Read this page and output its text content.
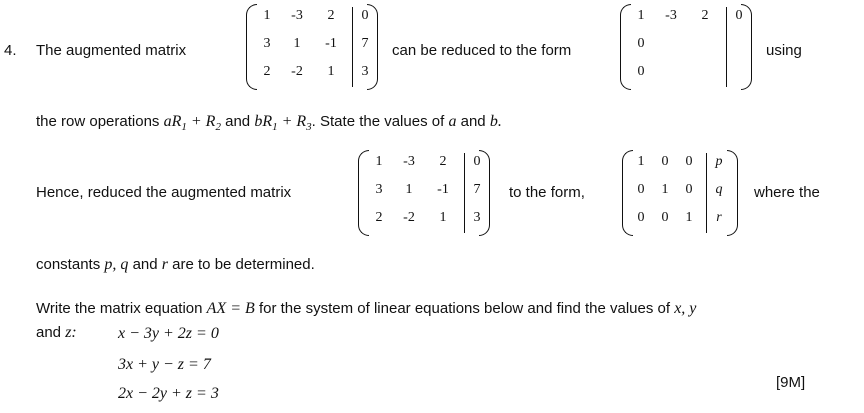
4. The augmented matrix
1	-3	2	0
3	1	-1	7
2	-2	1	3
can be reduced to the form
1	-3	2	0
0
0
using
the row operations $aR_1 + R_2$ and $bR_1 + R_3$. State the values of a and b.
Hence, reduced the augmented matrix
1	-3	2	0
3	1	-1	7
2	-2	1	3
to the form,
1	0	0	p
0	1	0	q
0	0	1	r
where the
constants p, q and r are to be determined.
Write the matrix equation AX = B for the system of linear equations below and find the values of x, y
and z:	x − 3y + 2z = 0
3x + y − z = 7
2x − 2y + z = 3
[9M]
